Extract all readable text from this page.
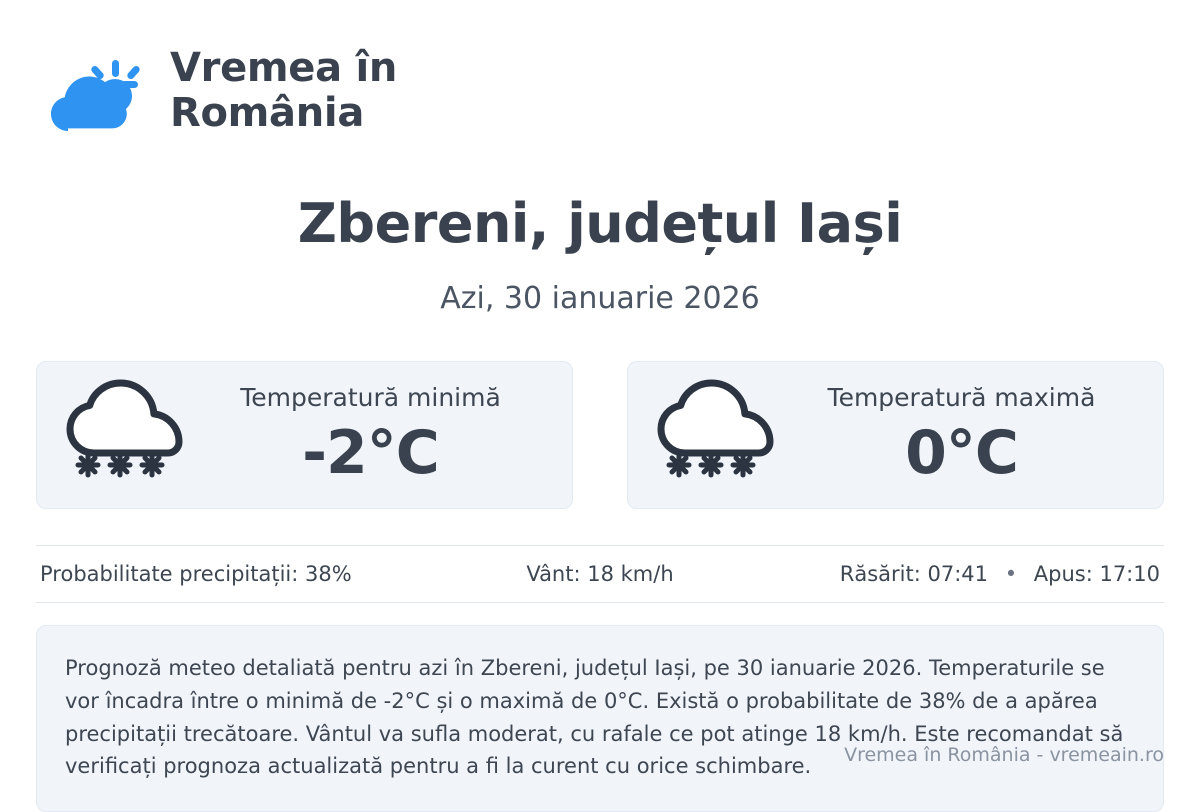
Vremea în
România
Zbereni, județul Iași
Azi, 30 ianuarie 2026
Temperatură minimă
-2°C
Temperatură maximă
0°C
Probabilitate precipitații: 38%	Vânt: 18 km/h	Răsărit: 07:41 • Apus: 17:10
Prognoză meteo detaliată pentru azi în Zbereni, județul Iași, pe 30 ianuarie 2026. Temperaturile se vor încadra între o minimă de -2°C și o maximă de 0°C. Există o probabilitate de 38% de a apărea precipitații trecătoare. Vântul va sufla moderat, cu rafale ce pot atinge 18 km/h. Este recomandat să verificați prognoza actualizată pentru a fi la curent cu orice schimbare.	Vremea în România - vremeain.ro
